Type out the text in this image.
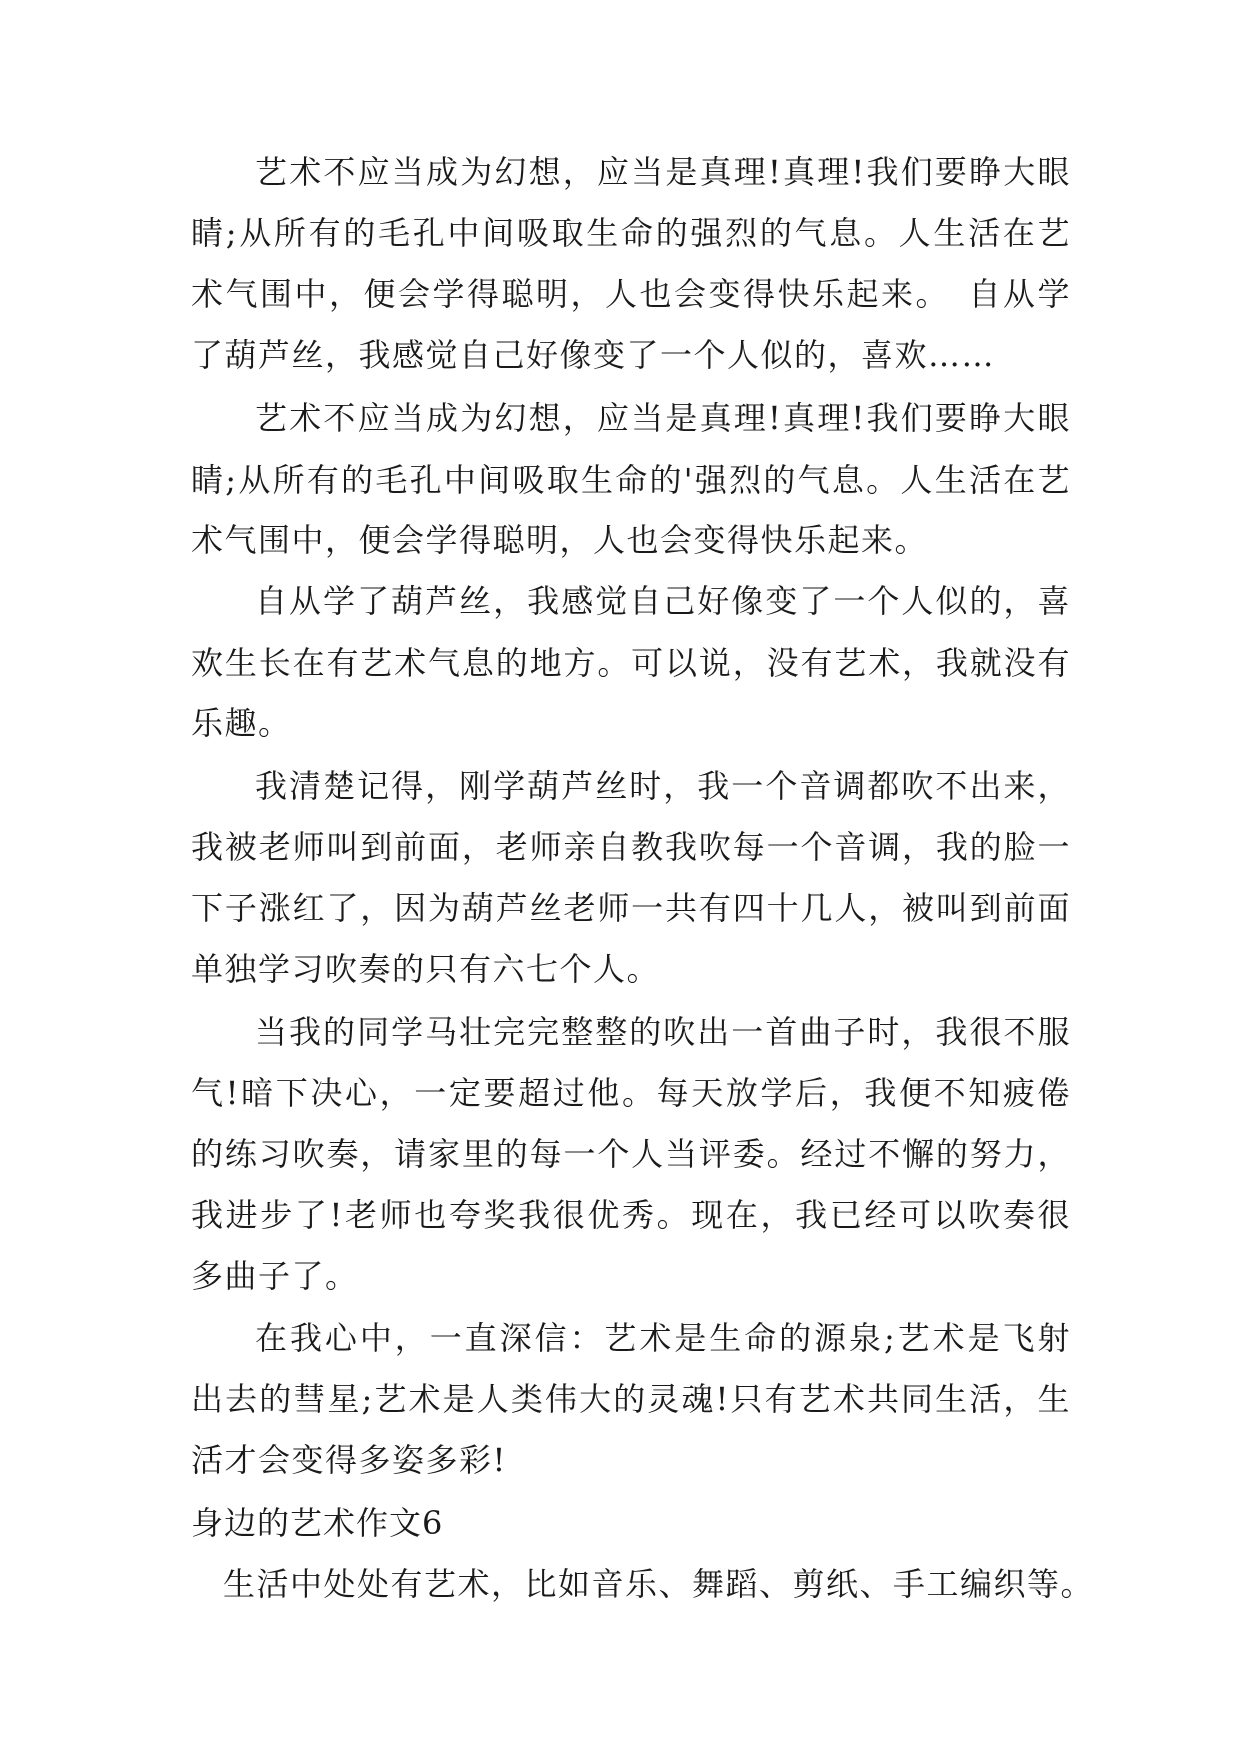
艺术不应当成为幻想，应当是真理!真理!我们要睁大眼
睛;从所有的毛孔中间吸取生命的强烈的气息。人生活在艺
术气围中，便会学得聪明，人也会变得快乐起来。　自从学
了葫芦丝，我感觉自己好像变了一个人似的，喜欢……
艺术不应当成为幻想，应当是真理!真理!我们要睁大眼
睛;从所有的毛孔中间吸取生命的'强烈的气息。人生活在艺
术气围中，便会学得聪明，人也会变得快乐起来。
自从学了葫芦丝，我感觉自己好像变了一个人似的，喜
欢生长在有艺术气息的地方。可以说，没有艺术，我就没有
乐趣。
我清楚记得，刚学葫芦丝时，我一个音调都吹不出来，
我被老师叫到前面，老师亲自教我吹每一个音调，我的脸一
下子涨红了，因为葫芦丝老师一共有四十几人，被叫到前面
单独学习吹奏的只有六七个人。
当我的同学马壮完完整整的吹出一首曲子时，我很不服
气!暗下决心，一定要超过他。每天放学后，我便不知疲倦
的练习吹奏，请家里的每一个人当评委。经过不懈的努力，
我进步了!老师也夸奖我很优秀。现在，我已经可以吹奏很
多曲子了。
在我心中，一直深信：艺术是生命的源泉;艺术是飞射
出去的彗星;艺术是人类伟大的灵魂!只有艺术共同生活，生
活才会变得多姿多彩!
身边的艺术作文6
生活中处处有艺术，比如音乐、舞蹈、剪纸、手工编织等。
